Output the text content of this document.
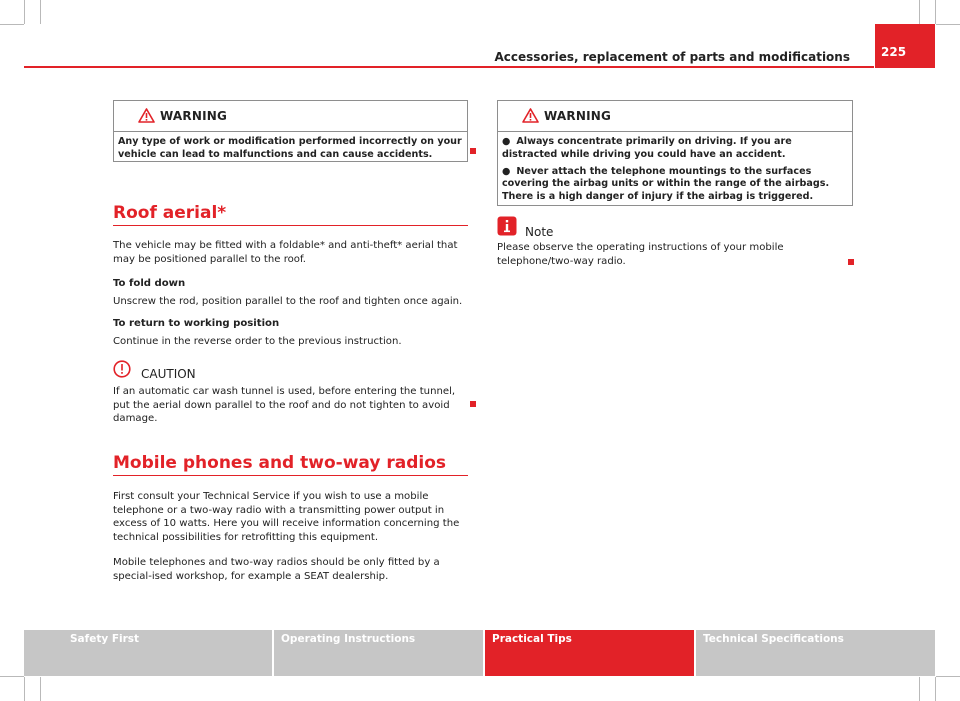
Accessories, replacement of parts and modifications	225
WARNING

Any type of work or modification performed incorrectly on your vehicle can lead to malfunctions and can cause accidents.

Roof aerial*
The vehicle may be fitted with a foldable* and anti-theft* aerial that may be positioned parallel to the roof.
To fold down
Unscrew the rod, position parallel to the roof and tighten once again.
To return to working position
Continue in the reverse order to the previous instruction.
CAUTION
If an automatic car wash tunnel is used, before entering the tunnel, put the aerial down parallel to the roof and do not tighten to avoid damage.
Mobile phones and two-way radios
First consult your Technical Service if you wish to use a mobile telephone or a two-way radio with a transmitting power output in excess of 10 watts. Here you will receive information concerning the technical possibilities for retrofitting this equipment.
Mobile telephones and two-way radios should be only fitted by a special-ised workshop, for example a SEAT dealership.
WARNING

● Always concentrate primarily on driving. If you are distracted while driving you could have an accident.

● Never attach the telephone mountings to the surfaces covering the airbag units or within the range of the airbags. There is a high danger of injury if the airbag is triggered.

Note
Please observe the operating instructions of your mobile telephone/two-way radio.
Safety First	Operating Instructions	Practical Tips	Technical Specifications
